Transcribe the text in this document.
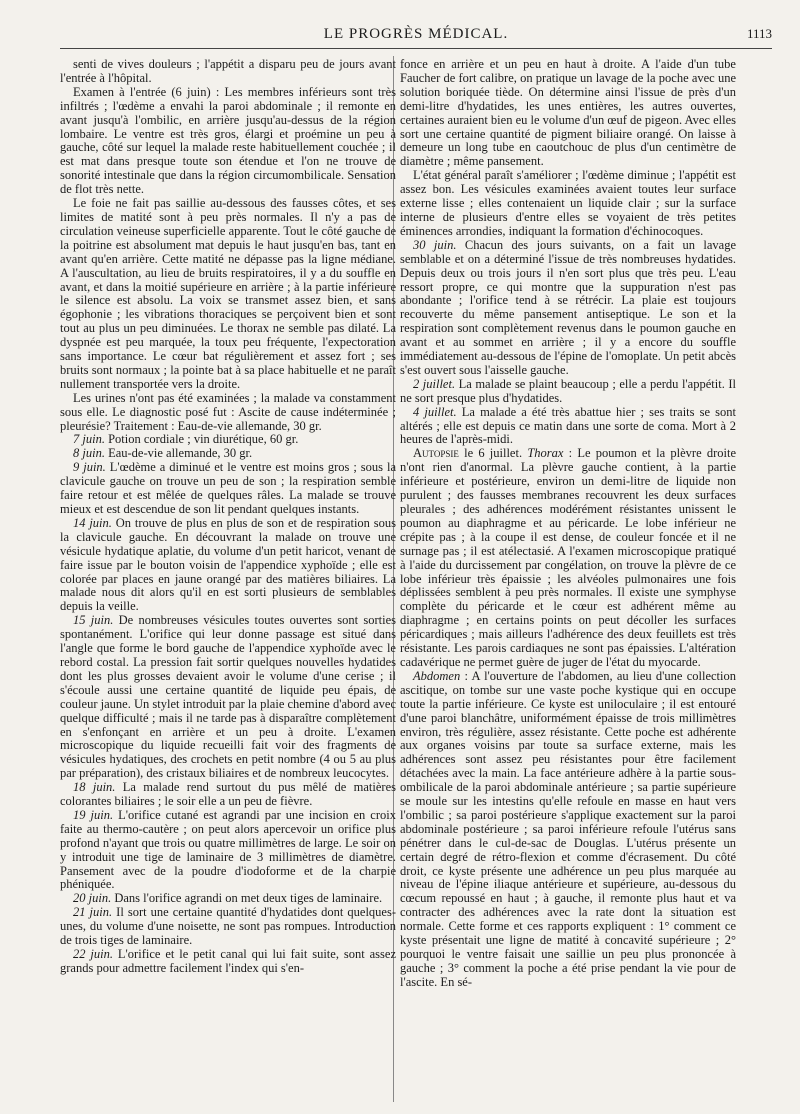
LE PROGRÈS MÉDICAL.	1113

senti de vives douleurs ; l'appétit a disparu peu de jours avant l'entrée à l'hôpital.

Examen à l'entrée (6 juin) : Les membres inférieurs sont très infiltrés ; l'œdème a envahi la paroi abdominale ; il remonte en avant jusqu'à l'ombilic, en arrière jusqu'au-dessus de la région lombaire. Le ventre est très gros, élargi et proémine un peu à gauche, côté sur lequel la malade reste habituellement couchée ; il est mat dans presque toute son étendue et l'on ne trouve de sonorité intestinale que dans la région circumombilicale. Sensation de flot très nette.

Le foie ne fait pas saillie au-dessous des fausses côtes, et ses limites de matité sont à peu près normales. Il n'y a pas de circulation veineuse superficielle apparente. Tout le côté gauche de la poitrine est absolument mat depuis le haut jusqu'en bas, tant en avant qu'en arrière. Cette matité ne dépasse pas la ligne médiane. A l'auscultation, au lieu de bruits respiratoires, il y a du souffle en avant, et dans la moitié supérieure en arrière ; à la partie inférieure le silence est absolu. La voix se transmet assez bien, et sans égophonie ; les vibrations thoraciques se perçoivent bien et sont tout au plus un peu diminuées. Le thorax ne semble pas dilaté. La dyspnée est peu marquée, la toux peu fréquente, l'expectoration sans importance. Le cœur bat régulièrement et assez fort ; ses bruits sont normaux ; la pointe bat à sa place habituelle et ne paraît nullement transportée vers la droite.

Les urines n'ont pas été examinées ; la malade va constamment sous elle. Le diagnostic posé fut : Ascite de cause indéterminée ; pleurésie? Traitement : Eau-de-vie allemande, 30 gr.

7 juin. Potion cordiale ; vin diurétique, 60 gr.

8 juin. Eau-de-vie allemande, 30 gr.

9 juin. L'œdème a diminué et le ventre est moins gros ; sous la clavicule gauche on trouve un peu de son ; la respiration semble faire retour et est mêlée de quelques râles. La malade se trouve mieux et est descendue de son lit pendant quelques instants.

14 juin. On trouve de plus en plus de son et de respiration sous la clavicule gauche. En découvrant la malade on trouve une vésicule hydatique aplatie, du volume d'un petit haricot, venant de faire issue par le bouton voisin de l'appendice xyphoïde ; elle est colorée par places en jaune orangé par des matières biliaires. La malade nous dit alors qu'il en est sorti plusieurs de semblables depuis la veille.

15 juin. De nombreuses vésicules toutes ouvertes sont sorties spontanément. L'orifice qui leur donne passage est situé dans l'angle que forme le bord gauche de l'appendice xyphoïde avec le rebord costal. La pression fait sortir quelques nouvelles hydatides dont les plus grosses devaient avoir le volume d'une cerise ; il s'écoule aussi une certaine quantité de liquide peu épais, de couleur jaune. Un stylet introduit par la plaie chemine d'abord avec quelque difficulté ; mais il ne tarde pas à disparaître complètement en s'enfonçant en arrière et un peu à droite. L'examen microscopique du liquide recueilli fait voir des fragments de vésicules hydatiques, des crochets en petit nombre (4 ou 5 au plus par préparation), des cristaux biliaires et de nombreux leucocytes.

18 juin. La malade rend surtout du pus mêlé de matières colorantes biliaires ; le soir elle a un peu de fièvre.

19 juin. L'orifice cutané est agrandi par une incision en croix faite au thermo-cautère ; on peut alors apercevoir un orifice plus profond n'ayant que trois ou quatre millimètres de large. Le soir on y introduit une tige de laminaire de 3 millimètres de diamètre. Pansement avec de la poudre d'iodoforme et de la charpie phéniquée.

20 juin. Dans l'orifice agrandi on met deux tiges de laminaire.

21 juin. Il sort une certaine quantité d'hydatides dont quelques-unes, du volume d'une noisette, ne sont pas rompues. Introduction de trois tiges de laminaire.

22 juin. L'orifice et le petit canal qui lui fait suite, sont assez grands pour admettre facilement l'index qui s'en-

fonce en arrière et un peu en haut à droite. A l'aide d'un tube Faucher de fort calibre, on pratique un lavage de la poche avec une solution boriquée tiède. On détermine ainsi l'issue de près d'un demi-litre d'hydatides, les unes entières, les autres ouvertes, certaines auraient bien eu le volume d'un œuf de pigeon. Avec elles sort une certaine quantité de pigment biliaire orangé. On laisse à demeure un long tube en caoutchouc de plus d'un centimètre de diamètre ; même pansement.

L'état général paraît s'améliorer ; l'œdème diminue ; l'appétit est assez bon. Les vésicules examinées avaient toutes leur surface externe lisse ; elles contenaient un liquide clair ; sur la surface interne de plusieurs d'entre elles se voyaient de très petites éminences arrondies, indiquant la formation d'échinocoques.

30 juin. Chacun des jours suivants, on a fait un lavage semblable et on a déterminé l'issue de très nombreuses hydatides. Depuis deux ou trois jours il n'en sort plus que très peu. L'eau ressort propre, ce qui montre que la suppuration n'est pas abondante ; l'orifice tend à se rétrécir. La plaie est toujours recouverte du même pansement antiseptique. Le son et la respiration sont complètement revenus dans le poumon gauche en avant et au sommet en arrière ; il y a encore du souffle immédiatement au-dessous de l'épine de l'omoplate. Un petit abcès s'est ouvert sous l'aisselle gauche.

2 juillet. La malade se plaint beaucoup ; elle a perdu l'appétit. Il ne sort presque plus d'hydatides.

4 juillet. La malade a été très abattue hier ; ses traits se sont altérés ; elle est depuis ce matin dans une sorte de coma. Mort à 2 heures de l'après-midi.

Autopsie le 6 juillet. Thorax : Le poumon et la plèvre droite n'ont rien d'anormal. La plèvre gauche contient, à la partie inférieure et postérieure, environ un demi-litre de liquide non purulent ; des fausses membranes recouvrent les deux surfaces pleurales ; des adhérences modérément résistantes unissent le poumon au diaphragme et au péricarde. Le lobe inférieur ne crépite pas ; à la coupe il est dense, de couleur foncée et il ne surnage pas ; il est atélectasié. A l'examen microscopique pratiqué à l'aide du durcissement par congélation, on trouve la plèvre de ce lobe inférieur très épaissie ; les alvéoles pulmonaires une fois déplissées semblent à peu près normales. Il existe une symphyse complète du péricarde et le cœur est adhérent même au diaphragme ; en certains points on peut décoller les surfaces péricardiques ; mais ailleurs l'adhérence des deux feuillets est très résistante. Les parois cardiaques ne sont pas épaissies. L'altération cadavérique ne permet guère de juger de l'état du myocarde.

Abdomen : A l'ouverture de l'abdomen, au lieu d'une collection ascitique, on tombe sur une vaste poche kystique qui en occupe toute la partie inférieure. Ce kyste est uniloculaire ; il est entouré d'une paroi blanchâtre, uniformément épaisse de trois millimètres environ, très régulière, assez résistante. Cette poche est adhérente aux organes voisins par toute sa surface externe, mais les adhérences sont assez peu résistantes pour être facilement détachées avec la main. La face antérieure adhère à la partie sous-ombilicale de la paroi abdominale antérieure ; sa partie supérieure se moule sur les intestins qu'elle refoule en masse en haut vers l'ombilic ; sa paroi postérieure s'applique exactement sur la paroi abdominale postérieure ; sa paroi inférieure refoule l'utérus sans pénétrer dans le cul-de-sac de Douglas. L'utérus présente un certain degré de rétro-flexion et comme d'écrasement. Du côté droit, ce kyste présente une adhérence un peu plus marquée au niveau de l'épine iliaque antérieure et supérieure, au-dessous du cœcum repoussé en haut ; à gauche, il remonte plus haut et va contracter des adhérences avec la rate dont la situation est normale. Cette forme et ces rapports expliquent : 1° comment ce kyste présentait une ligne de matité à concavité supérieure ; 2° pourquoi le ventre faisait une saillie un peu plus prononcée à gauche ; 3° comment la poche a été prise pendant la vie pour de l'ascite. En sé-
